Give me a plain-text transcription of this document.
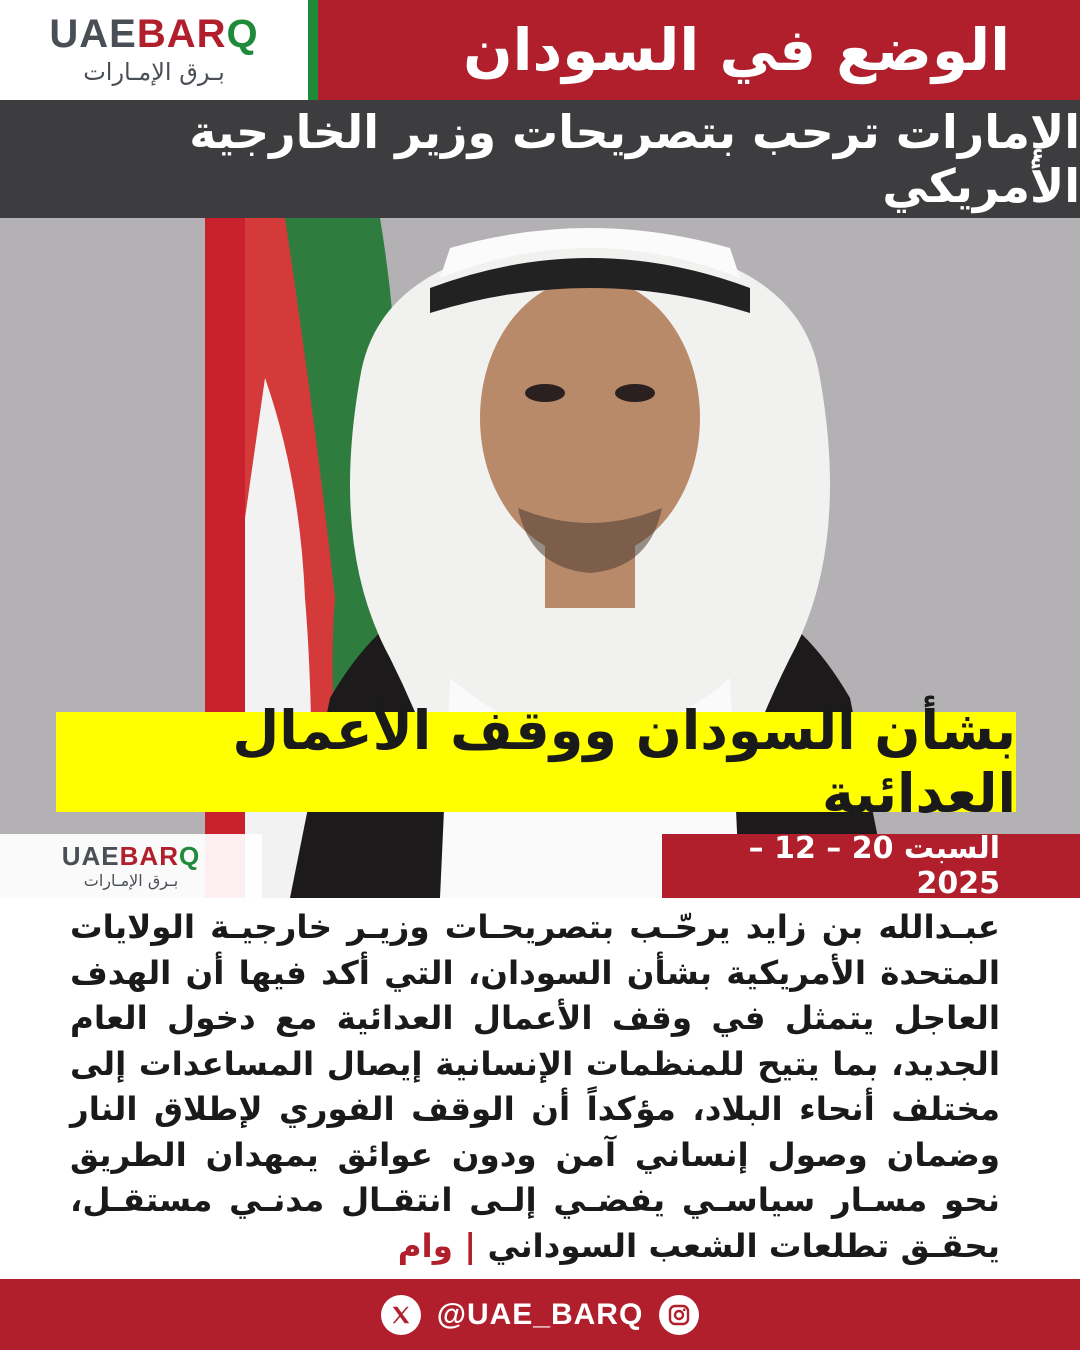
UAEBARQ
بـرق الإمـارات	الوضع في السودان
الإمارات ترحب بتصريحات وزير الخارجية الأمريكي
بشأن السودان ووقف الأعمال العدائية
UAEBARQ
بـرق الإمـارات
السبت 20 – 12 – 2025
عبـدالله بن زايد يرحّـب بتصريحـات وزيـر خارجيـة الولايات المتحدة الأمريكية بشأن السودان، التي أكد فيها أن الهدف العاجل يتمثل في وقف الأعمال العدائية مع دخول العام الجديد، بما يتيح للمنظمات الإنسانية إيصال المساعدات إلى مختلف أنحاء البلاد، مؤكداً أن الوقف الفوري لإطلاق النار وضمان وصول إنساني آمن ودون عوائق يمهدان الطريق نحو مسـار سياسـي يفضـي إلـى انتقـال مدنـي مستقـل، يحقـق تطلعات الشعب السوداني | وام
@UAE_BARQ
